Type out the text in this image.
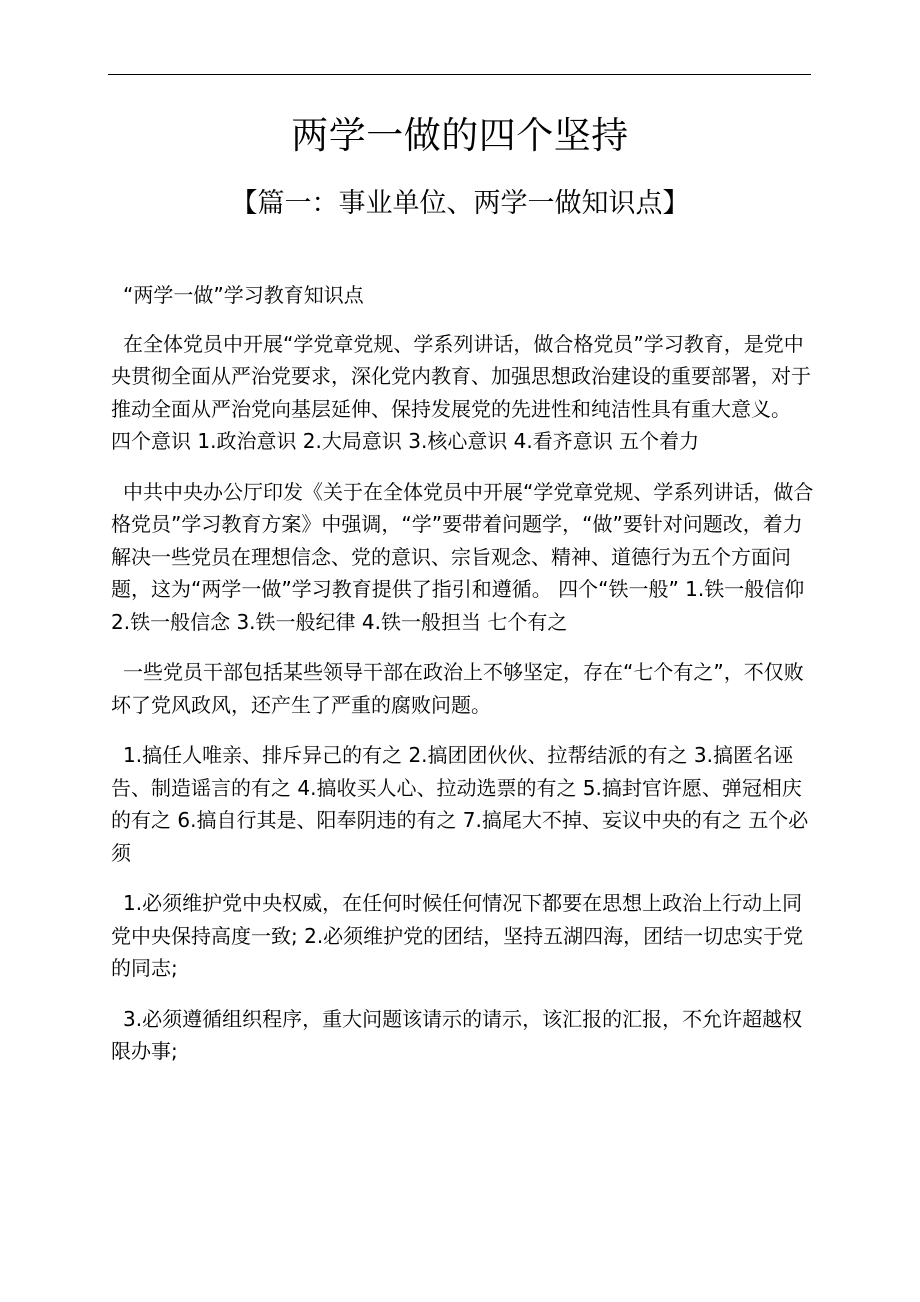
两学一做的四个坚持
【篇一：事业单位、两学一做知识点】

“两学一做”学习教育知识点

在全体党员中开展“学党章党规、学系列讲话，做合格党员”学习教育，是党中央贯彻全面从严治党要求，深化党内教育、加强思想政治建设的重要部署，对于推动全面从严治党向基层延伸、保持发展党的先进性和纯洁性具有重大意义。 四个意识 1.政治意识 2.大局意识 3.核心意识 4.看齐意识 五个着力

中共中央办公厅印发《关于在全体党员中开展“学党章党规、学系列讲话，做合格党员”学习教育方案》中强调，“学”要带着问题学，“做”要针对问题改，着力解决一些党员在理想信念、党的意识、宗旨观念、精神、道德行为五个方面问题，这为“两学一做”学习教育提供了指引和遵循。 四个“铁一般” 1.铁一般信仰 2.铁一般信念 3.铁一般纪律 4.铁一般担当 七个有之

一些党员干部包括某些领导干部在政治上不够坚定，存在“七个有之”，不仅败坏了党风政风，还产生了严重的腐败问题。

1.搞任人唯亲、排斥异己的有之 2.搞团团伙伙、拉帮结派的有之 3.搞匿名诬告、制造谣言的有之 4.搞收买人心、拉动选票的有之 5.搞封官许愿、弹冠相庆的有之 6.搞自行其是、阳奉阴违的有之 7.搞尾大不掉、妄议中央的有之 五个必须

1.必须维护党中央权威，在任何时候任何情况下都要在思想上政治上行动上同党中央保持高度一致; 2.必须维护党的团结，坚持五湖四海，团结一切忠实于党的同志;

3.必须遵循组织程序，重大问题该请示的请示，该汇报的汇报，不允许超越权限办事;
